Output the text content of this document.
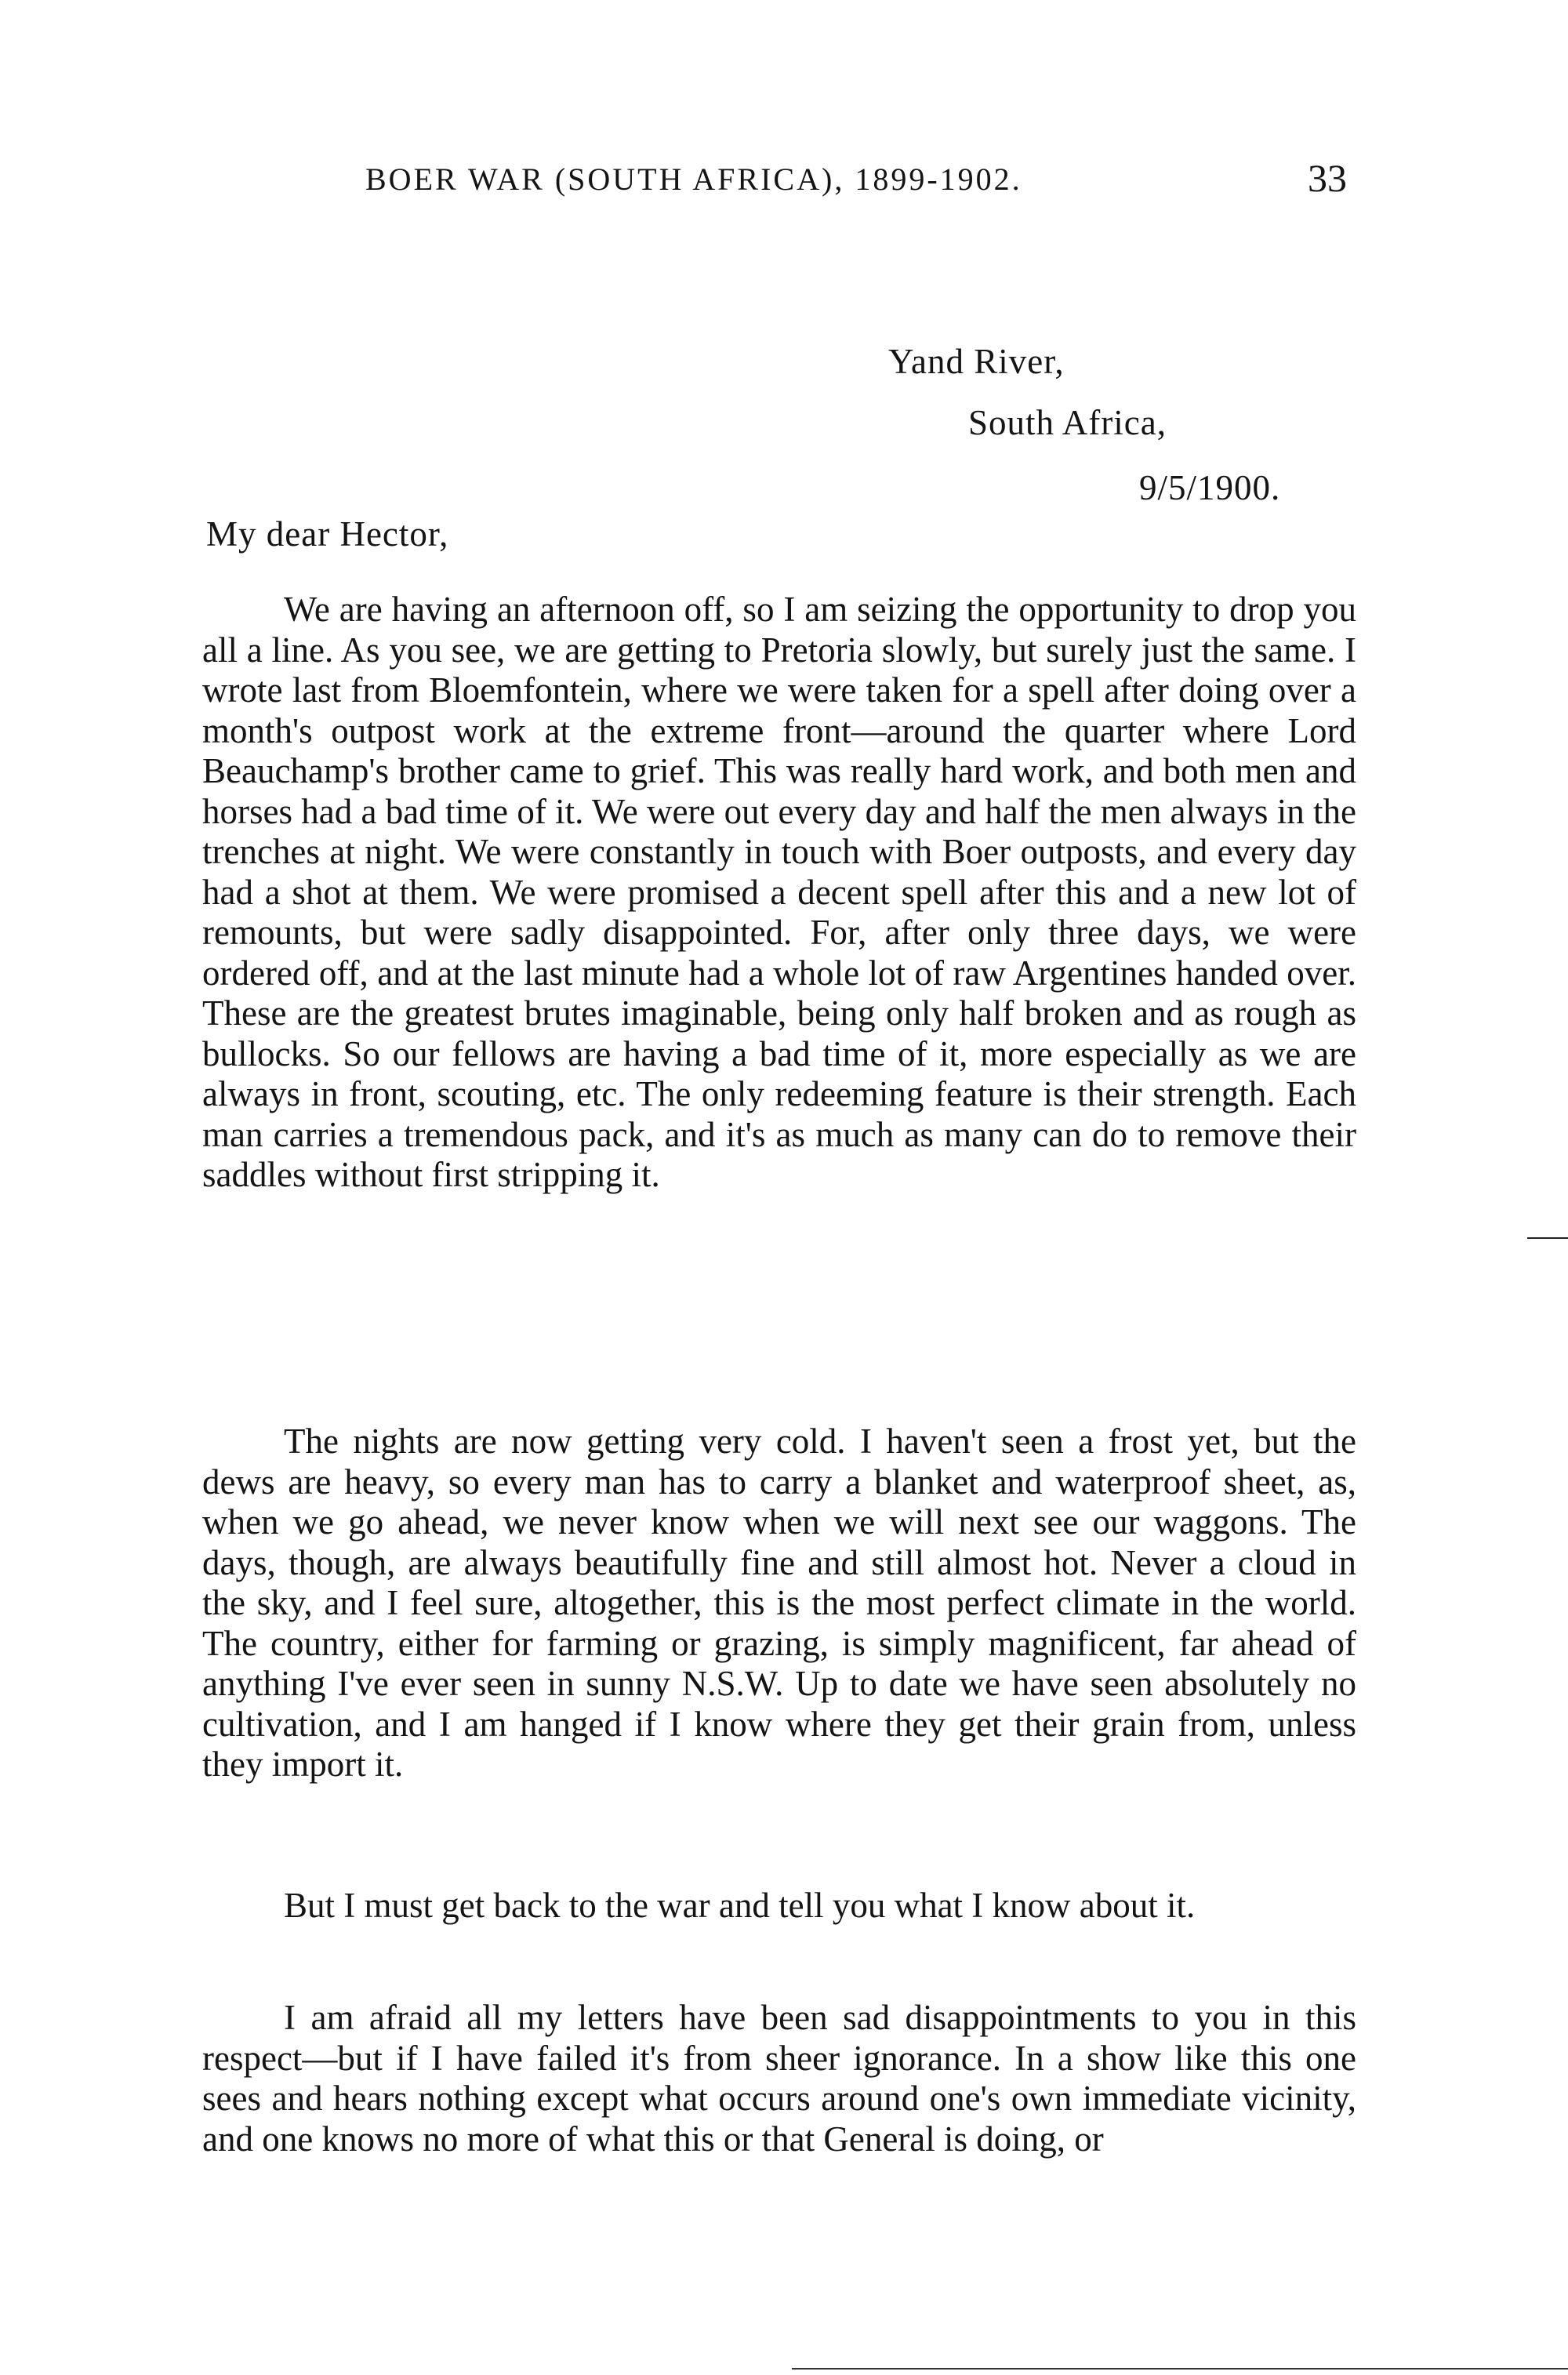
BOER WAR (SOUTH AFRICA), 1899-1902.	33
Yand River,
South Africa,
9/5/1900.
My dear Hector,

We are having an afternoon off, so I am seizing the opportunity to drop you all a line. As you see, we are getting to Pretoria slowly, but surely just the same. I wrote last from Bloemfontein, where we were taken for a spell after doing over a month's outpost work at the extreme front—around the quarter where Lord Beauchamp's brother came to grief. This was really hard work, and both men and horses had a bad time of it. We were out every day and half the men always in the trenches at night. We were constantly in touch with Boer outposts, and every day had a shot at them. We were promised a decent spell after this and a new lot of remounts, but were sadly disappointed. For, after only three days, we were ordered off, and at the last minute had a whole lot of raw Argentines handed over. These are the greatest brutes imaginable, being only half broken and as rough as bullocks. So our fellows are having a bad time of it, more especially as we are always in front, scouting, etc. The only redeeming feature is their strength. Each man carries a tremendous pack, and it's as much as many can do to remove their saddles without first stripping it.

The nights are now getting very cold. I haven't seen a frost yet, but the dews are heavy, so every man has to carry a blanket and waterproof sheet, as, when we go ahead, we never know when we will next see our waggons. The days, though, are always beautifully fine and still almost hot. Never a cloud in the sky, and I feel sure, altogether, this is the most perfect climate in the world. The country, either for farming or grazing, is simply magnificent, far ahead of anything I've ever seen in sunny N.S.W. Up to date we have seen absolutely no cultivation, and I am hanged if I know where they get their grain from, unless they import it.

But I must get back to the war and tell you what I know about it.

I am afraid all my letters have been sad disappointments to you in this respect—but if I have failed it's from sheer ignorance. In a show like this one sees and hears nothing except what occurs around one's own immediate vicinity, and one knows no more of what this or that General is doing, or
